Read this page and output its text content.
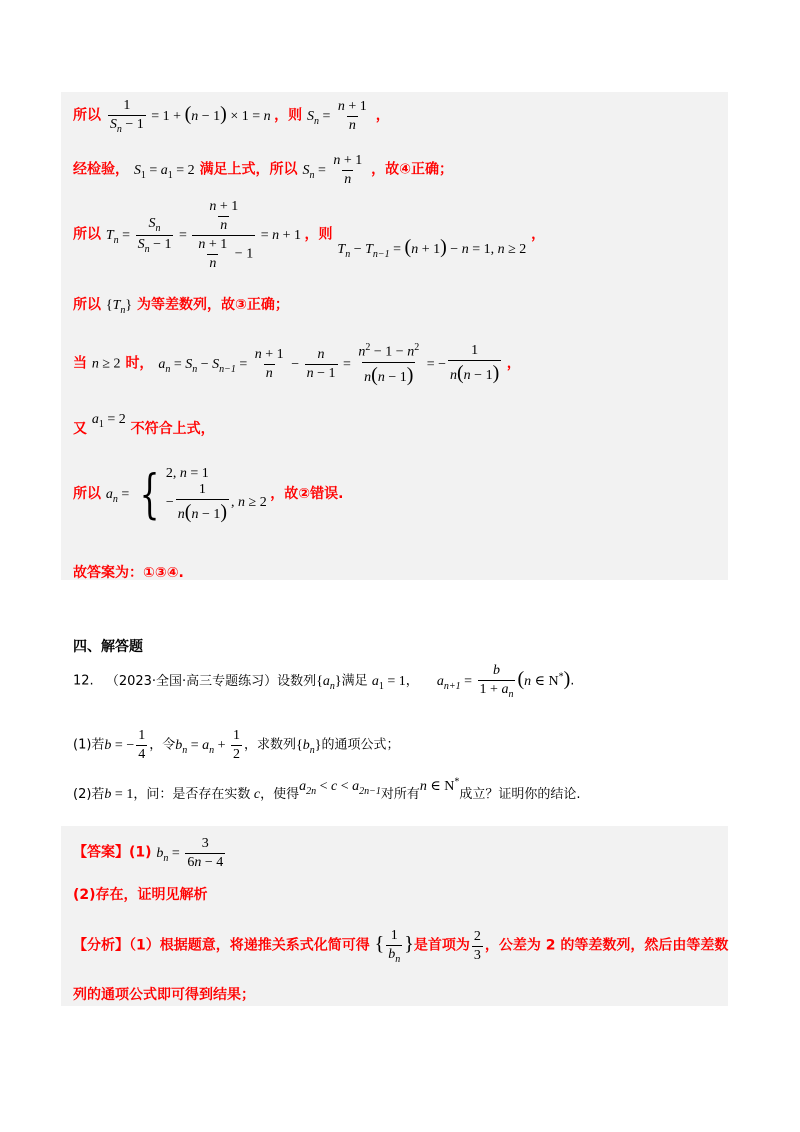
所以 $\frac{1}{S_n - 1} = 1 + (n - 1) \times 1 = n$ ，则 $S_n = \frac{n + 1}{n}$ ，
经检验， $S_1 = a_1 = 2$ 满足上式，所以 $S_n = \frac{n + 1}{n}$ ，故④正确；
所以 $T_n = \frac{S_n}{S_n - 1} = \frac{\frac{n + 1}{n}}{\frac{n + 1}{n} - 1} = n + 1$ ，则 $T_n - T_{n-1} = (n + 1) - n = 1$, n ≥ 2 ，
所以 $\{T_n\}$ 为等差数列，故③正确；
当 n ≥ 2 时， $a_n = S_n - S_{n-1} = \frac{n + 1}{n} - \frac{n}{n - 1} = \frac{n^2 - 1 - n^2}{n(n - 1)}$ = − $\frac{1}{n(n - 1)}$ ，
又 $a_1 = 2$ 不符合上式，
所以 $a_n$ = { 2, n = 1
− $\frac{1}{n(n - 1)}$ , n ≥ 2
，故②错误.
故答案为：①③④.
四、解答题
12. （2023·全国·高三专题练习）设数列$\{a_n\}$满足 $a_1 = 1$， $a_{n+1} = \frac{b}{1 + a_n} (n$ ∈ N*).
(1)若b = − $\frac{1}{4}$ ，令$b_n = a_n + \frac{1}{2}$ ，求数列$\{b_n\}$的通项公式；
(2)若b = 1，问：是否存在实数 c，使得$a_{2n} < c < a_{2n-1}$对所有n ∈ N*成立？证明你的结论.
【答案】(1) $b_n = \frac{3}{6n - 4}$
(2)存在，证明见解析
【分析】（1）根据题意，将递推关系式化简可得 { $\frac{1}{b_n}$ }是首项为 $\frac{2}{3}$ ，公差为 2 的等差数列，然后由等差数
列的通项公式即可得到结果；
